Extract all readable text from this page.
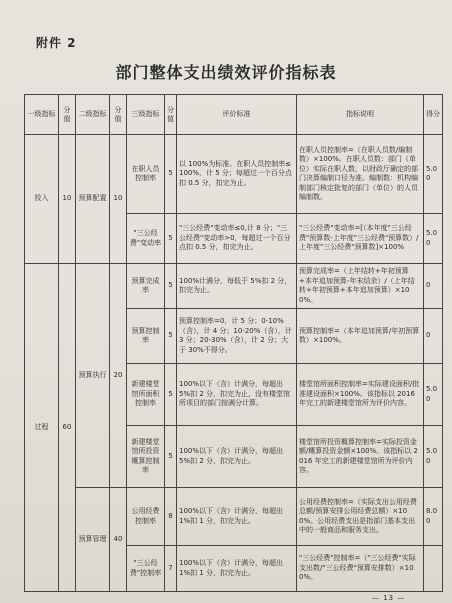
附件 2
部门整体支出绩效评价指标表
一级指标	分值	二级指标	分值	三级指标	分值	评价标准	指标说明	得分
投入	10	预算配置	10	在职人员控制率	5	以 100%为标准。在职人员控制率≤100%，计 5 分；每超过一个百分点扣 0.5 分，扣完为止。	在职人员控制率=（在职人员数/编制数）×100%。在职人员数：部门（单位）实际在职人数，以财政厅确定的部门决算编制口径为准。编制数：机构编制部门核定批复的部门（单位）的人员编制数。	5.00
				"三公经费"变动率	5	"三公经费"变动率≤0,计 8 分；"三公经费"变动率>0，每超过一个百分点扣 0.5 分，扣完为止。	"三公经费"变动率=[（本年度"三公经费"预算数-上年度"三公经费"预算数）/上年度"三公经费"预算数]×100%	5.00
过程	60	预算执行	20	预算完成率	5	100%计满分，每低于 5%扣 2 分，扣完为止。	预算完成率=（上年结转+年初预算+本年追加预算-年末结余）/（上年结转+年初预算+本年追加预算）×100%。	0
				预算控制率	5	预算控制率=0，计 5 分；0-10%（含），计 4 分；10-20%（含），计 3 分；20-30%（含），计 2 分；大于 30%不得分。	预算控制率=（本年追加预算/年初预算数）×100%。	0
				新建楼堂馆所面积控制率	5	100%以下（含）计满分，每超出 5%扣 2 分，扣完为止，没有楼堂馆所项目的部门按满分计算。	楼堂馆所面积控制率=实际建设面积/批准建设面积×100%。该指标以 2016 年完工的新建楼堂馆所为评价内容。	5.00
				新建楼堂馆所投资概算控制率	5	100%以下（含）计满分，每超出 5%扣 2 分，扣完为止。	楼堂馆所投资概算控制率=实际投资金额/概算投资金额×100%。该指标以 2016 年完工的新建楼堂馆所为评价内容。	5.00
		预算管理	40	公用经费控制率	8	100%以下（含）计满分，每超出 1%扣 1 分，扣完为止。	公用经费控制率=（实际支出公用经费总额/预算安排公用经费总额）×100%。公用经费支出是指部门基本支出中的一般商品和服务支出。	8.00
				"三公经费"控制率	7	100%以下（含）计满分，每超出 1%扣 1 分，扣完为止。	"三公经费"控制率=（"三公经费"实际支出数/"三公经费"预算安排数）×100%。	
— 13 —
